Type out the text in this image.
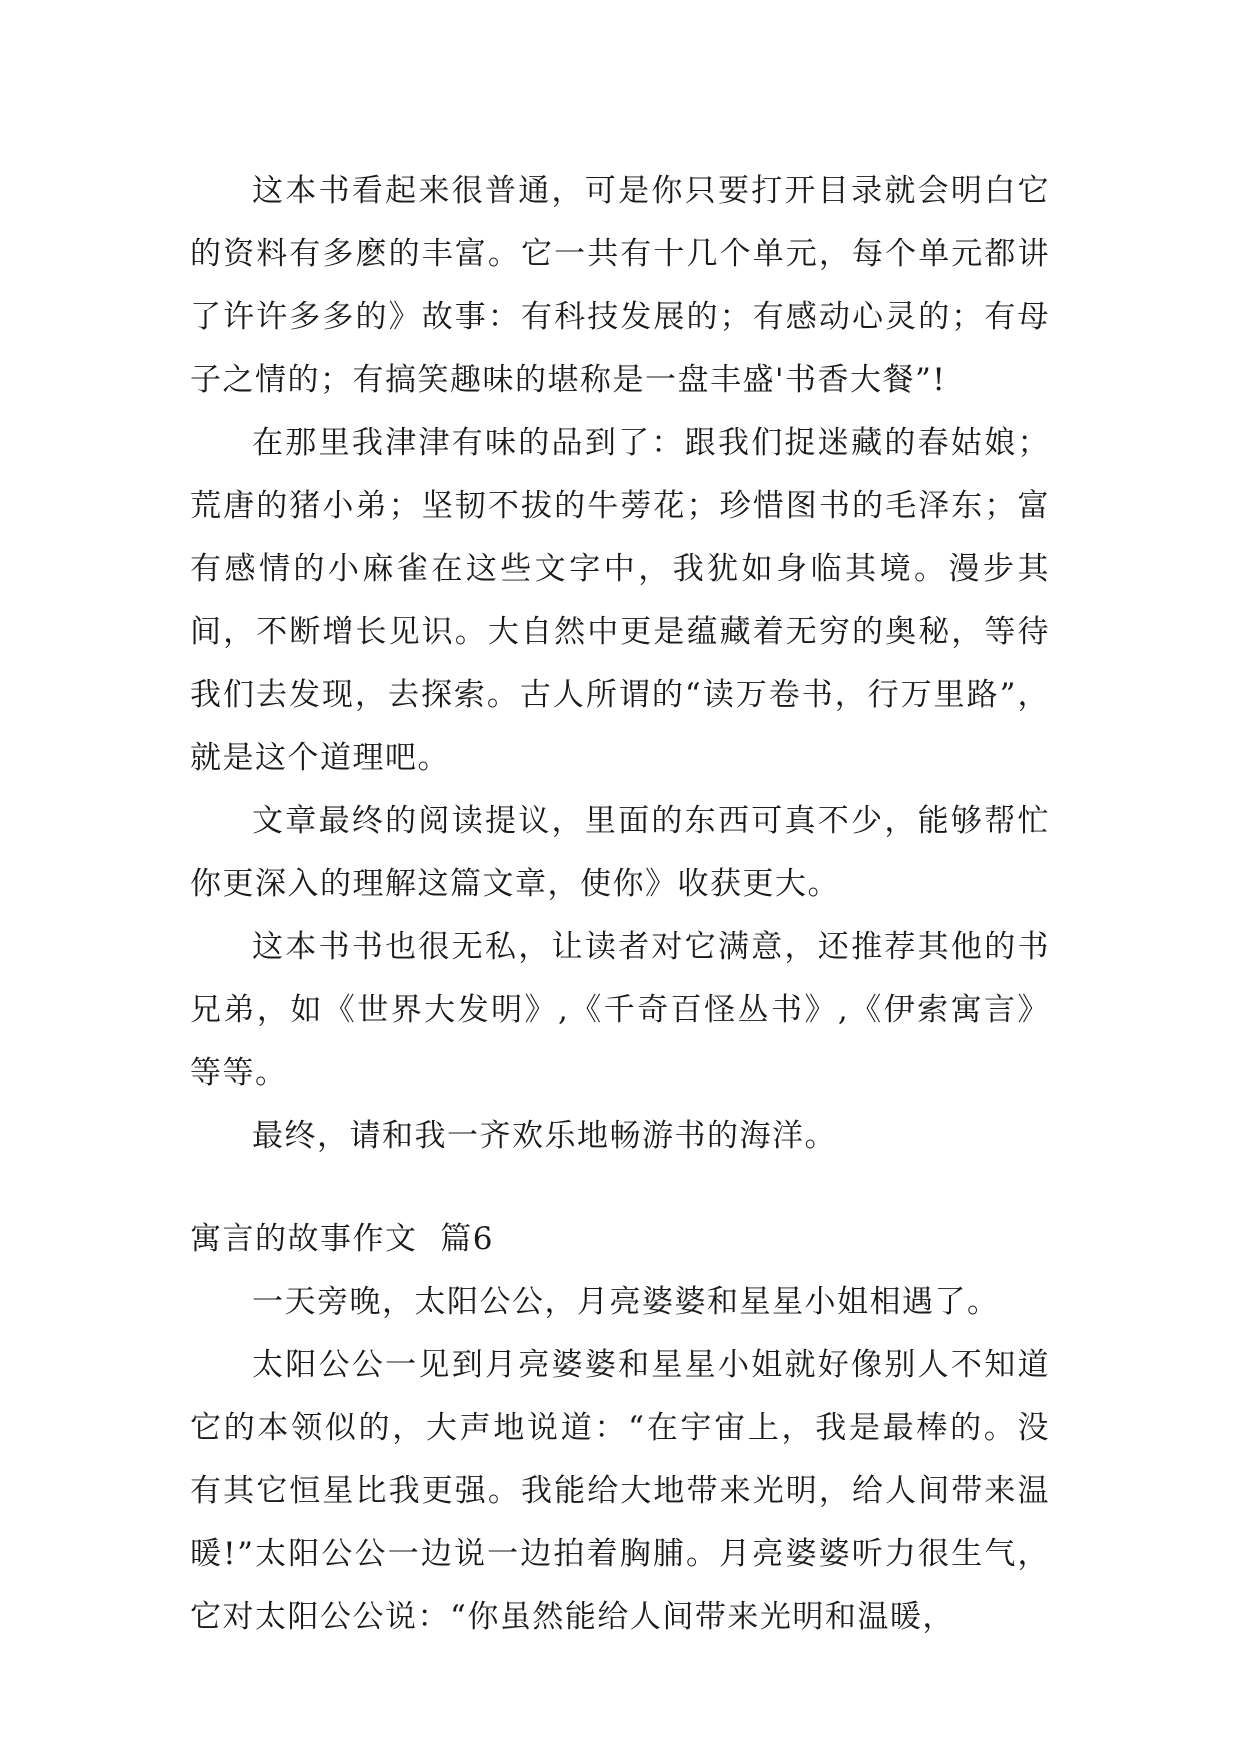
这本书看起来很普通，可是你只要打开目录就会明白它的资料有多麽的丰富。它一共有十几个单元，每个单元都讲了许许多多的》故事：有科技发展的；有感动心灵的；有母子之情的；有搞笑趣味的堪称是一盘丰盛'书香大餐”!

在那里我津津有味的品到了：跟我们捉迷藏的春姑娘；荒唐的猪小弟；坚韧不拔的牛蒡花；珍惜图书的毛泽东；富有感情的小麻雀在这些文字中，我犹如身临其境。漫步其间，不断增长见识。大自然中更是蕴藏着无穷的奥秘，等待我们去发现，去探索。古人所谓的“读万卷书，行万里路”，就是这个道理吧。

文章最终的阅读提议，里面的东西可真不少，能够帮忙你更深入的理解这篇文章，使你》收获更大。

这本书书也很无私，让读者对它满意，还推荐其他的书兄弟，如《世界大发明》,《千奇百怪丛书》,《伊索寓言》等等。

最终，请和我一齐欢乐地畅游书的海洋。

寓言的故事作文  篇6

一天旁晚，太阳公公，月亮婆婆和星星小姐相遇了。

太阳公公一见到月亮婆婆和星星小姐就好像别人不知道它的本领似的，大声地说道：“在宇宙上，我是最棒的。没有其它恒星比我更强。我能给大地带来光明，给人间带来温暖!”太阳公公一边说一边拍着胸脯。月亮婆婆听力很生气，它对太阳公公说：“你虽然能给人间带来光明和温暖，
